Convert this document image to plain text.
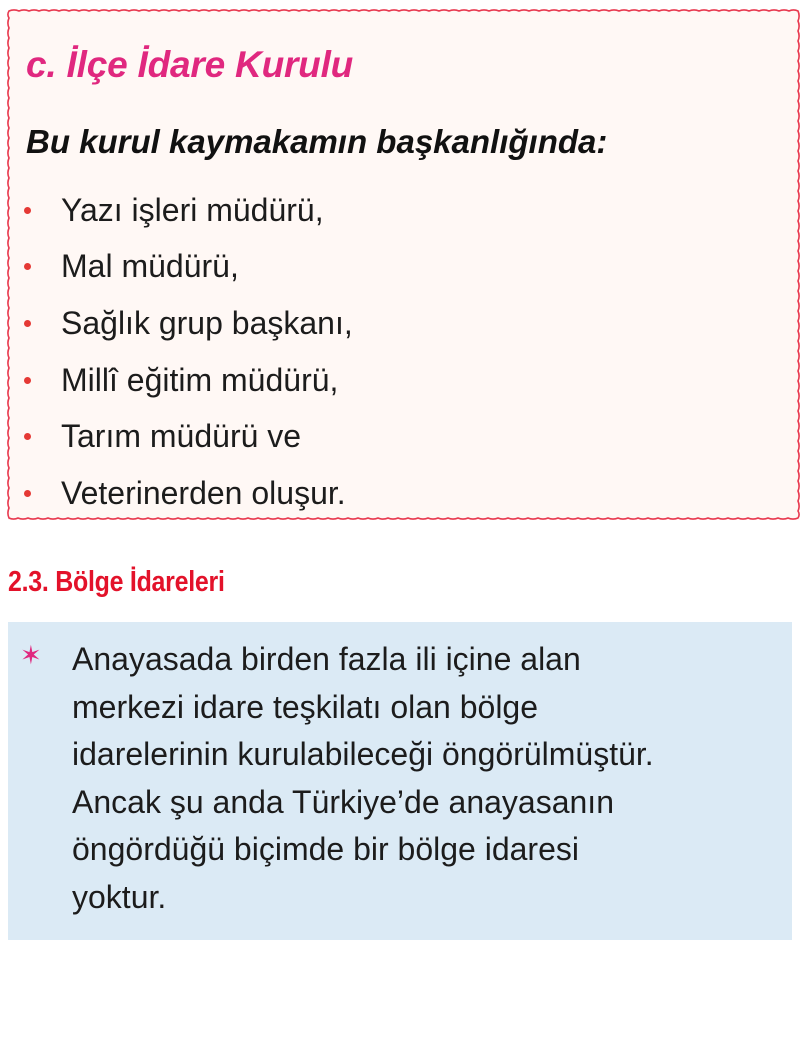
c. İlçe İdare Kurulu
Bu kurul kaymakamın başkanlığında:
Yazı işleri müdürü,
Mal müdürü,
Sağlık grup başkanı,
Millî eğitim müdürü,
Tarım müdürü ve
Veterinerden oluşur.
2.3. Bölge İdareleri
✶ Anayasada birden fazla ili içine alan
merkezi idare teşkilatı olan bölge
idarelerinin kurulabileceği öngörülmüştür.
Ancak şu anda Türkiye’de anayasanın
öngördüğü biçimde bir bölge idaresi
yoktur.
